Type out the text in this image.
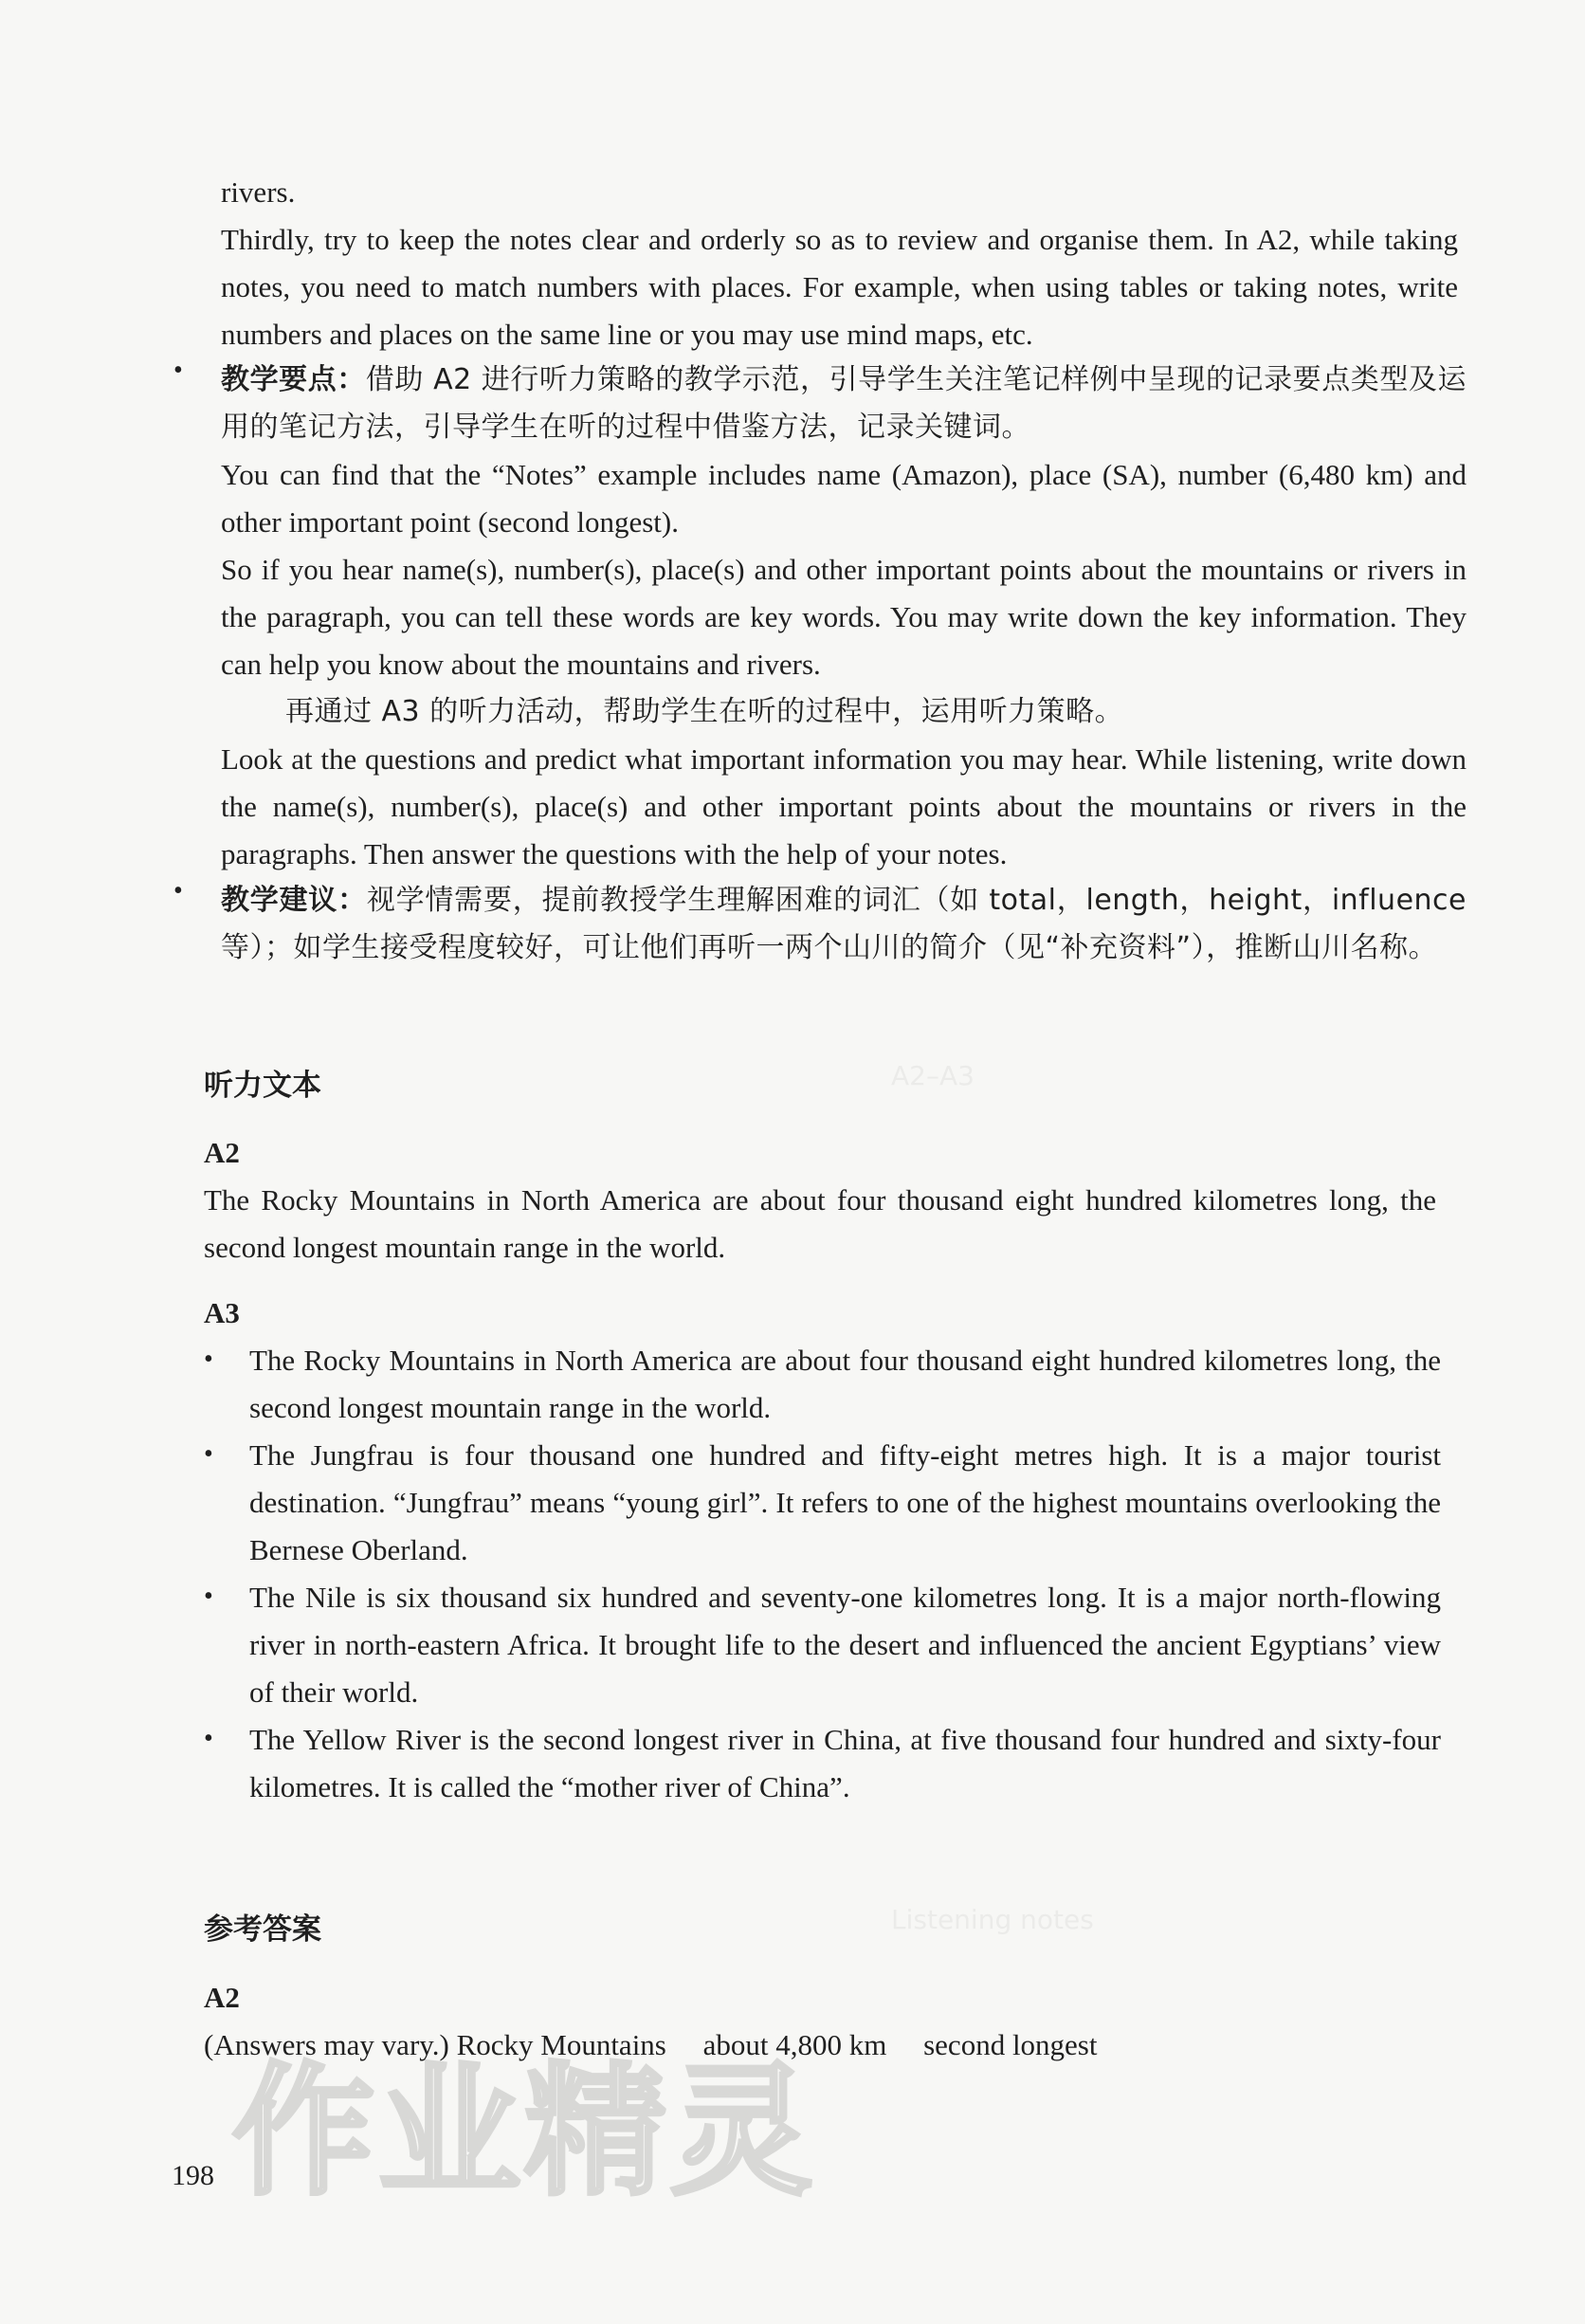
A2–A3
Listening notes

rivers.

Thirdly, try to keep the notes clear and orderly so as to review and organise them. In A2, while taking notes, you need to match numbers with places. For example, when using tables or taking notes, write numbers and places on the same line or you may use mind maps, etc.

• 教学要点：借助 A2 进行听力策略的教学示范，引导学生关注笔记样例中呈现的记录要点类型及运用的笔记方法，引导学生在听的过程中借鉴方法，记录关键词。

You can find that the “Notes” example includes name (Amazon), place (SA), number (6,480 km) and other important point (second longest).

So if you hear name(s), number(s), place(s) and other important points about the mountains or rivers in the paragraph, you can tell these words are key words. You may write down the key information. They can help you know about the mountains and rivers.

再通过 A3 的听力活动，帮助学生在听的过程中，运用听力策略。

Look at the questions and predict what important information you may hear. While listening, write down the name(s), number(s), place(s) and other important points about the mountains or rivers in the paragraphs. Then answer the questions with the help of your notes.

• 教学建议：视学情需要，提前教授学生理解困难的词汇（如 total，length，height，influence 等）；如学生接受程度较好，可让他们再听一两个山川的简介（见“补充资料”），推断山川名称。

听力文本
A2

The Rocky Mountains in North America are about four thousand eight hundred kilometres long, the second longest mountain range in the world.

A3

• The Rocky Mountains in North America are about four thousand eight hundred kilometres long, the second longest mountain range in the world.

• The Jungfrau is four thousand one hundred and fifty-eight metres high. It is a major tourist destination. “Jungfrau” means “young girl”. It refers to one of the highest mountains overlooking the Bernese Oberland.

• The Nile is six thousand six hundred and seventy-one kilometres long. It is a major north-flowing river in north-eastern Africa. It brought life to the desert and influenced the ancient Egyptians’ view of their world.

• The Yellow River is the second longest river in China, at five thousand four hundred and sixty-four kilometres. It is called the “mother river of China”.

参考答案
A2

(Answers may vary.) Rocky Mountains     about 4,800 km     second longest

198 作业精灵
